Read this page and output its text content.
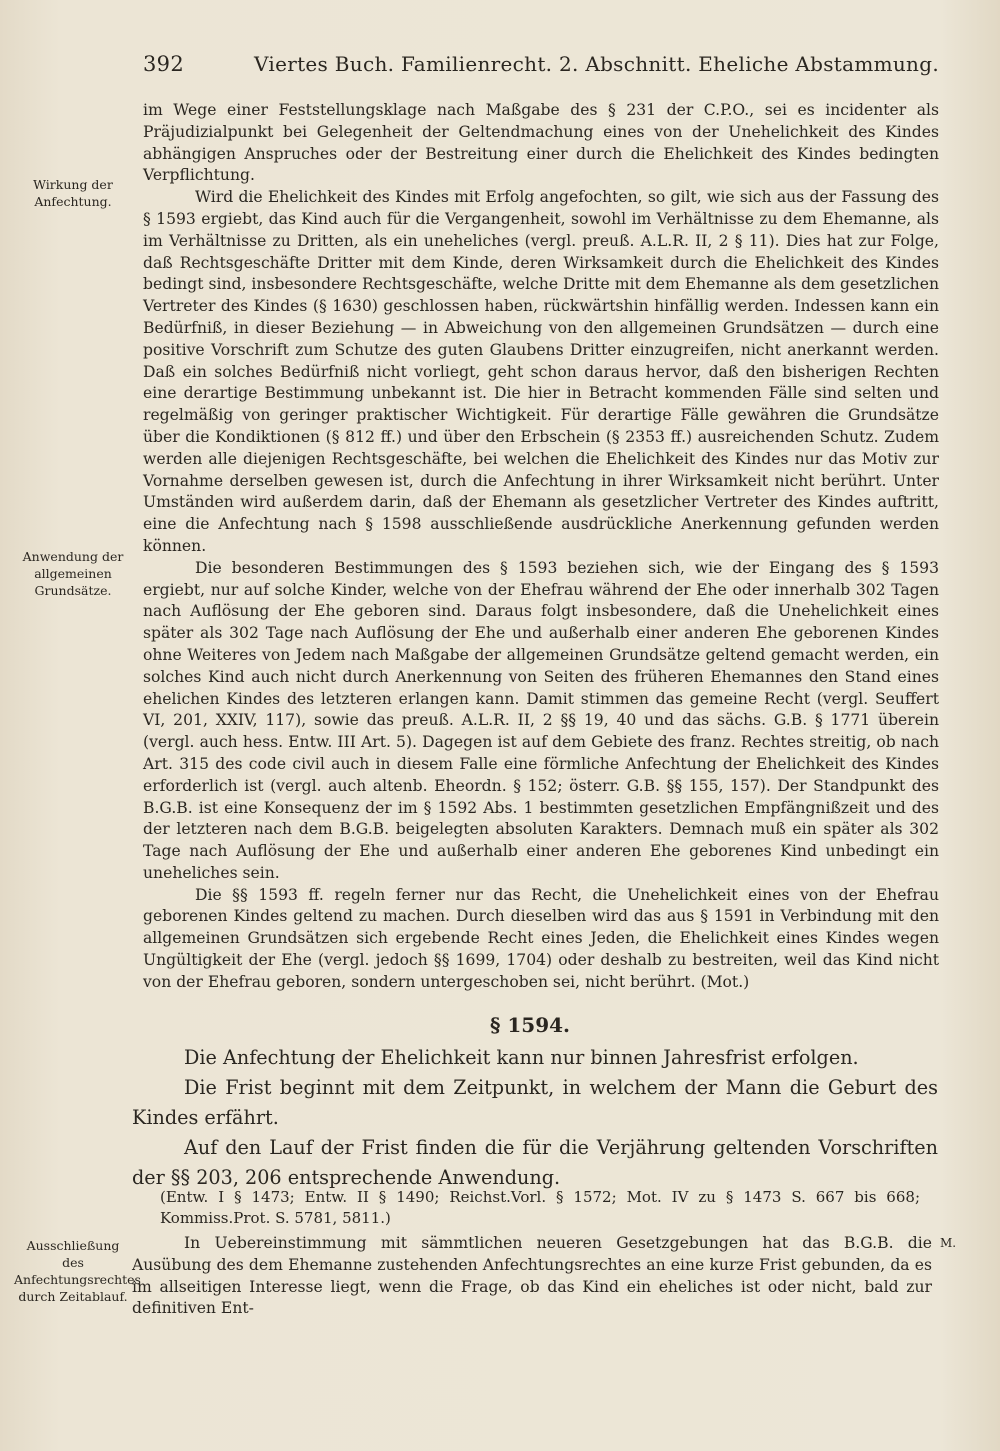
392	Viertes Buch. Familienrecht. 2. Abschnitt. Eheliche Abstammung.
Wirkung der Anfechtung.
Anwendung der allgemeinen Grundsätze.
Ausschließung des Anfechtungsrechtes durch Zeitablauf.

im Wege einer Feststellungsklage nach Maßgabe des § 231 der C.P.O., sei es incidenter als Präjudizialpunkt bei Gelegenheit der Geltendmachung eines von der Unehelichkeit des Kindes abhängigen Anspruches oder der Bestreitung einer durch die Ehelichkeit des Kindes bedingten Verpflichtung.

Wird die Ehelichkeit des Kindes mit Erfolg angefochten, so gilt, wie sich aus der Fassung des § 1593 ergiebt, das Kind auch für die Vergangenheit, sowohl im Verhältnisse zu dem Ehemanne, als im Verhältnisse zu Dritten, als ein uneheliches (vergl. preuß. A.L.R. II, 2 § 11). Dies hat zur Folge, daß Rechtsgeschäfte Dritter mit dem Kinde, deren Wirksamkeit durch die Ehelichkeit des Kindes bedingt sind, insbesondere Rechtsgeschäfte, welche Dritte mit dem Ehemanne als dem gesetzlichen Vertreter des Kindes (§ 1630) geschlossen haben, rückwärtshin hinfällig werden. Indessen kann ein Bedürfniß, in dieser Beziehung — in Abweichung von den allgemeinen Grundsätzen — durch eine positive Vorschrift zum Schutze des guten Glaubens Dritter einzugreifen, nicht anerkannt werden. Daß ein solches Bedürfniß nicht vorliegt, geht schon daraus hervor, daß den bisherigen Rechten eine derartige Bestimmung unbekannt ist. Die hier in Betracht kommenden Fälle sind selten und regelmäßig von geringer praktischer Wichtigkeit. Für derartige Fälle gewähren die Grundsätze über die Kondiktionen (§ 812 ff.) und über den Erbschein (§ 2353 ff.) ausreichenden Schutz. Zudem werden alle diejenigen Rechtsgeschäfte, bei welchen die Ehelichkeit des Kindes nur das Motiv zur Vornahme derselben gewesen ist, durch die Anfechtung in ihrer Wirksamkeit nicht berührt. Unter Umständen wird außerdem darin, daß der Ehemann als gesetzlicher Vertreter des Kindes auftritt, eine die Anfechtung nach § 1598 ausschließende ausdrückliche Anerkennung gefunden werden können.

Die besonderen Bestimmungen des § 1593 beziehen sich, wie der Eingang des § 1593 ergiebt, nur auf solche Kinder, welche von der Ehefrau während der Ehe oder innerhalb 302 Tagen nach Auflösung der Ehe geboren sind. Daraus folgt insbesondere, daß die Unehelichkeit eines später als 302 Tage nach Auflösung der Ehe und außerhalb einer anderen Ehe geborenen Kindes ohne Weiteres von Jedem nach Maßgabe der allgemeinen Grundsätze geltend gemacht werden, ein solches Kind auch nicht durch Anerkennung von Seiten des früheren Ehemannes den Stand eines ehelichen Kindes des letzteren erlangen kann. Damit stimmen das gemeine Recht (vergl. Seuffert VI, 201, XXIV, 117), sowie das preuß. A.L.R. II, 2 §§ 19, 40 und das sächs. G.B. § 1771 überein (vergl. auch hess. Entw. III Art. 5). Dagegen ist auf dem Gebiete des franz. Rechtes streitig, ob nach Art. 315 des code civil auch in diesem Falle eine förmliche Anfechtung der Ehelichkeit des Kindes erforderlich ist (vergl. auch altenb. Eheordn. § 152; österr. G.B. §§ 155, 157). Der Standpunkt des B.G.B. ist eine Konsequenz der im § 1592 Abs. 1 bestimmten gesetzlichen Empfängnißzeit und des der letzteren nach dem B.G.B. beigelegten absoluten Karakters. Demnach muß ein später als 302 Tage nach Auflösung der Ehe und außerhalb einer anderen Ehe geborenes Kind unbedingt ein uneheliches sein.

Die §§ 1593 ff. regeln ferner nur das Recht, die Unehelichkeit eines von der Ehefrau geborenen Kindes geltend zu machen. Durch dieselben wird das aus § 1591 in Verbindung mit den allgemeinen Grundsätzen sich ergebende Recht eines Jeden, die Ehelichkeit eines Kindes wegen Ungültigkeit der Ehe (vergl. jedoch §§ 1699, 1704) oder deshalb zu bestreiten, weil das Kind nicht von der Ehefrau geboren, sondern untergeschoben sei, nicht berührt. (Mot.)

§ 1594.

Die Anfechtung der Ehelichkeit kann nur binnen Jahresfrist erfolgen.

Die Frist beginnt mit dem Zeitpunkt, in welchem der Mann die Geburt des Kindes erfährt.

Auf den Lauf der Frist finden die für die Verjährung geltenden Vorschriften der §§ 203, 206 entsprechende Anwendung.

(Entw. I § 1473; Entw. II § 1490; Reichst.Vorl. § 1572; Mot. IV zu § 1473 S. 667 bis 668; Kommiss.Prot. S. 5781, 5811.)

In Uebereinstimmung mit sämmtlichen neueren Gesetzgebungen hat das B.G.B. die Ausübung des dem Ehemanne zustehenden Anfechtungsrechtes an eine kurze Frist gebunden, da es im allseitigen Interesse liegt, wenn die Frage, ob das Kind ein eheliches ist oder nicht, bald zur definitiven Ent-

M.
